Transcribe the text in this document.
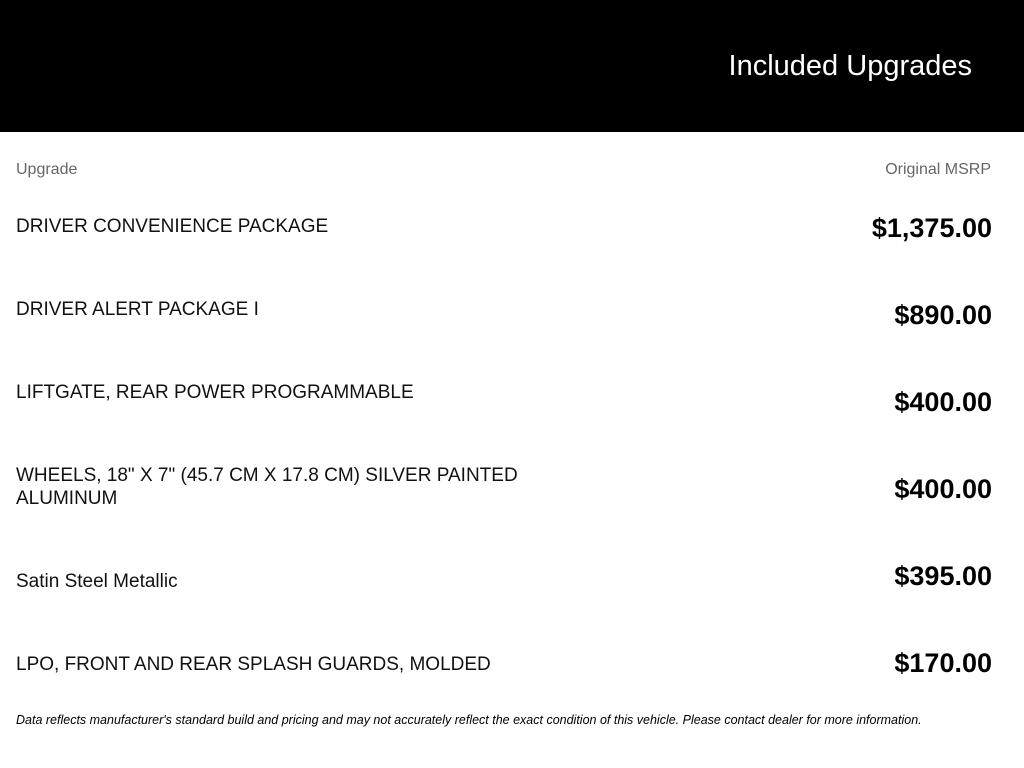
Included Upgrades
Upgrade	Original MSRP
DRIVER CONVENIENCE PACKAGE	$1,375.00
DRIVER ALERT PACKAGE I	$890.00
LIFTGATE, REAR POWER PROGRAMMABLE	$400.00
WHEELS, 18" X 7" (45.7 CM X 17.8 CM) SILVER PAINTED ALUMINUM	$400.00
Satin Steel Metallic	$395.00
LPO, FRONT AND REAR SPLASH GUARDS, MOLDED	$170.00
Data reflects manufacturer's standard build and pricing and may not accurately reflect the exact condition of this vehicle. Please contact dealer for more information.
